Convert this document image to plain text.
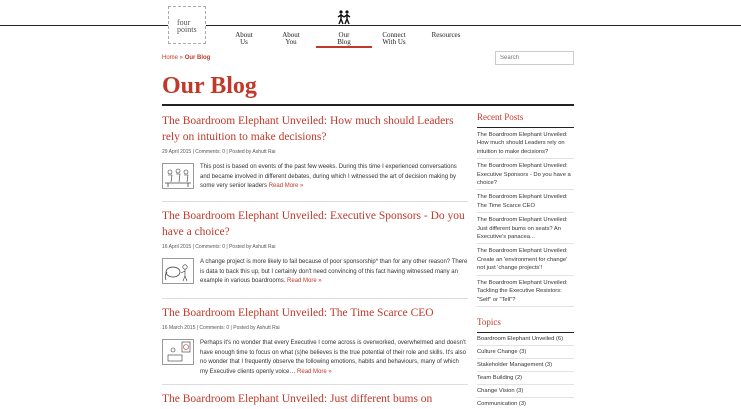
four
points
About
Us
About
You
Our
Blog
Connect
With Us
Resources
Home » Our Blog
Search
Our Blog
The Boardroom Elephant Unveiled: How much should Leaders rely on intuition to make decisions?
29 April 2015 | Comments: 0 | Posted by Ashutt Rai
This post is based on events of the past few weeks. During this time I experienced conversations and became involved in different debates, during which I witnessed the art of decision making by some very senior leaders Read More »
The Boardroom Elephant Unveiled: Executive Sponsors - Do you have a choice?
16 April 2015 | Comments: 0 | Posted by Ashutt Rai
A change project is more likely to fail because of poor sponsorship* than for any other reason? There is data to back this up, but I certainly don't need convincing of this fact having witnessed many an example in various boardrooms. Read More »
The Boardroom Elephant Unveiled: The Time Scarce CEO
16 March 2015 | Comments: 0 | Posted by Ashutt Rai
Perhaps it's no wonder that every Executive I come across is overworked, overwhelmed and doesn't have enough time to focus on what (s)he believes is the true potential of their role and skills. It's also no wonder that I frequently observe the following emotions, habits and behaviours, many of which my Executive clients openly voice… Read More »
The Boardroom Elephant Unveiled: Just different bums on
Recent Posts
The Boardroom Elephant Unveiled: How much should Leaders rely on intuition to make decisions?
The Boardroom Elephant Unveiled: Executive Sponsors - Do you have a choice?
The Boardroom Elephant Unveiled: The Time Scarce CEO
The Boardroom Elephant Unveiled: Just different bums on seats? An Executive's panacea...
The Boardroom Elephant Unveiled: Create an 'environment for change' not just 'change projects'!
The Boardroom Elephant Unveiled: Tackling the Executive Resistors: "Self" or "Tell"?
Topics
Boardroom Elephant Unveiled (6)
Culture Change (3)
Stakeholder Management (3)
Team Building (2)
Change Vision (3)
Communication (3)
